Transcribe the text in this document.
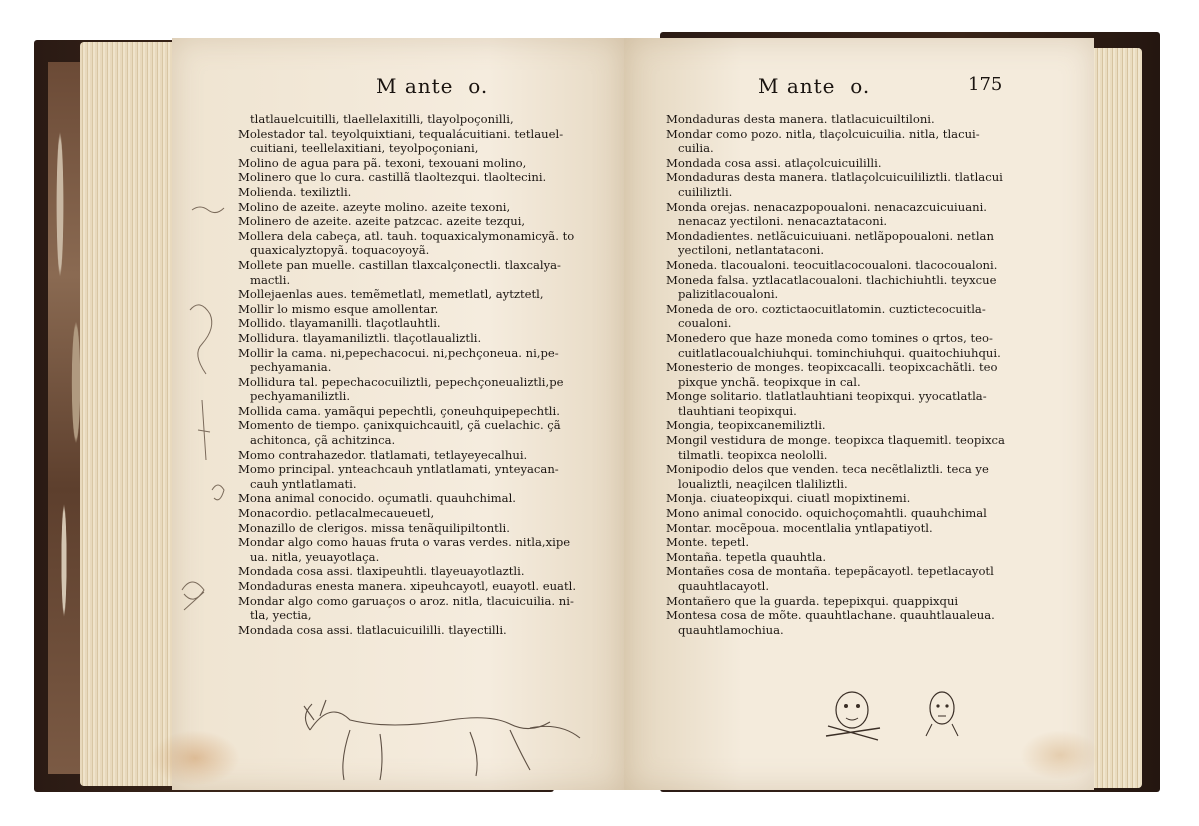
M ante  o.	M ante  o.	175
tlatlauelcuitilli, tlaellelaxitilli, tlayolpoçonilli,
Molestador tal. teyolquixtiani, tequalácuitiani. tetlauel-
cuitiani, teellelaxitiani, teyolpoçoniani,
Molino de agua para pã. texoni, texouani molino,
Molinero que lo cura. castillã tlaoltezqui. tlaoltecini.
Molienda. texiliztli.
Molino de azeite. azeyte molino. azeite texoni,
Molinero de azeite. azeite patzcac. azeite tezqui,
Mollera dela cabeça, atl. tauh. toquaxicalymonamicyã. to
quaxicalyztopyã. toquacoyoyã.
Mollete pan muelle. castillan tlaxcalçonectli. tlaxcalya-
mactli.
Mollejaenlas aues. temẽmetlatl, memetlatl, aytztetl,
Mollir lo mismo esque amollentar.
Mollido. tlayamanilli. tlaçotlauhtli.
Mollidura. tlayamaniliztli. tlaçotlaualiztli.
Mollir la cama. ni,pepechacocui. ni,pechçoneua. ni,pe-
pechyamania.
Mollidura tal. pepechacocuiliztli, pepechçoneualiztli,pe
pechyamaniliztli.
Mollida cama. yamãqui pepechtli, çoneuhquipepechtli.
Momento de tiempo. çanixquichcauitl, çã cuelachic. çã
achitonca, çã achitzinca.
Momo contrahazedor. tlatlamati, tetlayeyecalhui.
Momo principal. ynteachcauh yntlatlamati, ynteyacan-
cauh yntlatlamati.
Mona animal conocido. oçumatli. quauhchimal.
Monacordio. petlacalmecaueuetl,
Monazillo de clerigos. missa tenãquilipiltontli.
Mondar algo como hauas fruta o varas verdes. nitla,xipe
ua. nitla, yeuayotlaça.
Mondada cosa assi. tlaxipeuhtli. tlayeuayotlaztli.
Mondaduras enesta manera. xipeuhcayotl, euayotl. euatl.
Mondar algo como garuaços o aroz. nitla, tlacuicuilia. ni-
tla, yectia,
Mondada cosa assi. tlatlacuicuililli. tlayectilli.
Mondaduras desta manera. tlatlacuicuiltiloni.
Mondar como pozo. nitla, tlaçolcuicuilia. nitla, tlacui-
cuilia.
Mondada cosa assi. atlaçolcuicuililli.
Mondaduras desta manera. tlatlaçolcuicuililiztli. tlatlacui
cuililiztli.
Monda orejas. nenacazpopoualoni. nenacazcuicuiuani.
nenacaz yectiloni. nenacaztataconi.
Mondadientes. netlãcuicuiuani. netlãpopoualoni. netlan
yectiloni, netlantataconi.
Moneda. tlacoualoni. teocuitlacocoualoni. tlacocoualoni.
Moneda falsa. yztlacatlacoualoni. tlachichiuhtli. teyxcue
palizitlacoualoni.
Moneda de oro. coztictaocuitlatomin. cuztictecocuitla-
coualoni.
Monedero que haze moneda como tomines o qrtos, teo-
cuitlatlacoualchiuhqui. tominchiuhqui. quaitochiuhqui.
Monesterio de monges. teopixcacalli. teopixcachãtli. teo
pixque ynchã. teopixque in cal.
Monge solitario. tlatlatlauhtiani teopixqui. yyocatlatla-
tlauhtiani teopixqui.
Mongia, teopixcanemiliztli.
Mongil vestidura de monge. teopixca tlaquemitl. teopixca
tilmatli. teopixca neololli.
Monipodio delos que venden. teca necẽtlaliztli. teca ye
loualiztli, neaçilcen tlaliliztli.
Monja. ciuateopixqui. ciuatl mopixtinemi.
Mono animal conocido. oquichoçomahtli. quauhchimal
Montar. mocẽpoua. mocentlalia yntlapatiyotl.
Monte. tepetl.
Montaña. tepetla quauhtla.
Montañes cosa de montaña. tepepãcayotl. tepetlacayotl
quauhtlacayotl.
Montañero que la guarda. tepepixqui. quappixqui
Montesa cosa de mõte. quauhtlachane. quauhtlaualeua.
quauhtlamochiua.
